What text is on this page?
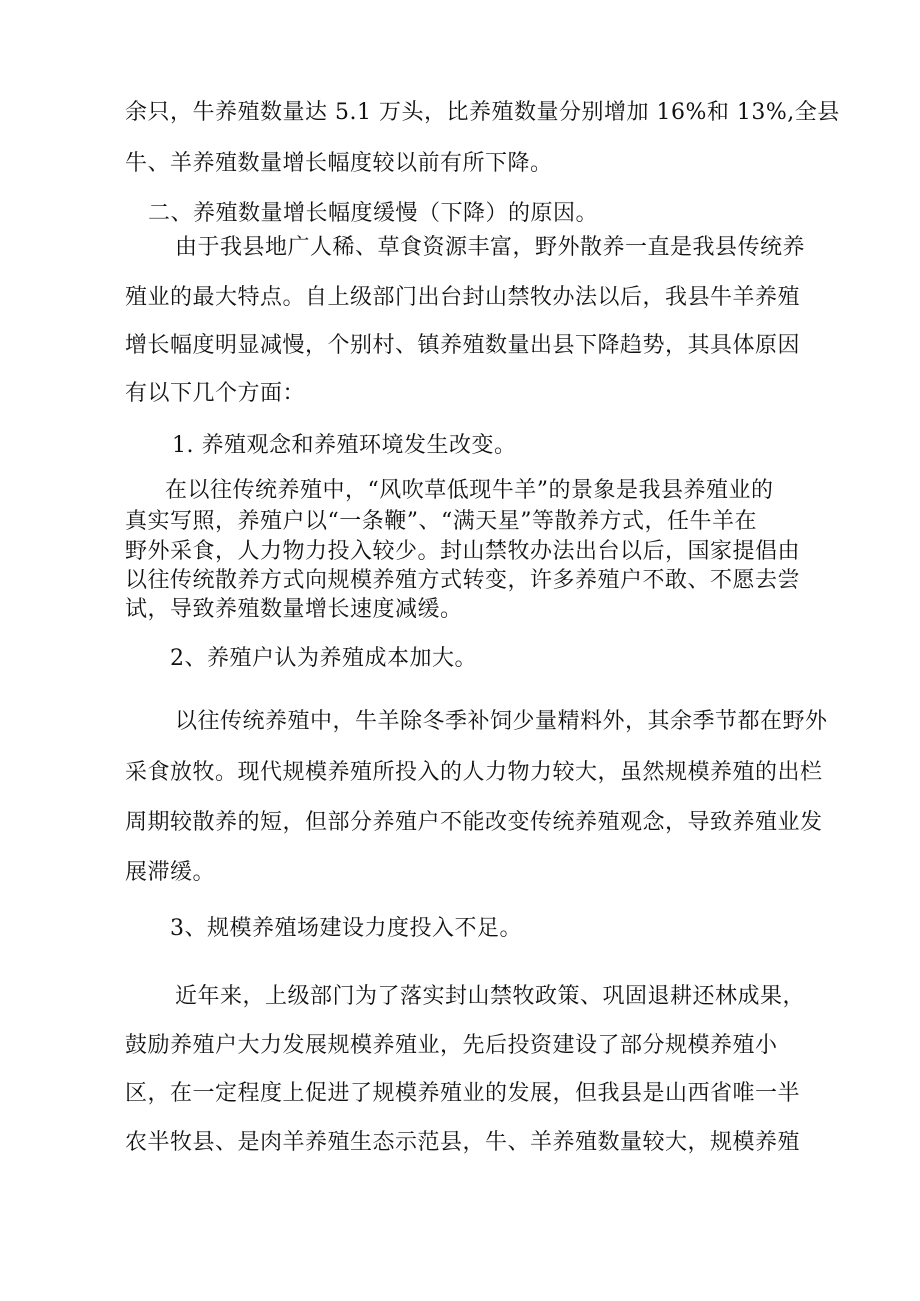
余只，牛养殖数量达 5.1 万头，比养殖数量分别增加 16%和 13%,全县
牛、羊养殖数量增长幅度较以前有所下降。
二、养殖数量增长幅度缓慢（下降）的原因。
由于我县地广人稀、草食资源丰富，野外散养一直是我县传统养
殖业的最大特点。自上级部门出台封山禁牧办法以后，我县牛羊养殖
增长幅度明显减慢，个别村、镇养殖数量出县下降趋势，其具体原因
有以下几个方面：
1. 养殖观念和养殖环境发生改变。
在以往传统养殖中，“风吹草低现牛羊”的景象是我县养殖业的
真实写照，养殖户以“一条鞭”、“满天星”等散养方式，任牛羊在
野外采食，人力物力投入较少。封山禁牧办法出台以后，国家提倡由
以往传统散养方式向规模养殖方式转变，许多养殖户不敢、不愿去尝
试，导致养殖数量增长速度减缓。
2、养殖户认为养殖成本加大。
以往传统养殖中，牛羊除冬季补饲少量精料外，其余季节都在野外
采食放牧。现代规模养殖所投入的人力物力较大，虽然规模养殖的出栏
周期较散养的短，但部分养殖户不能改变传统养殖观念，导致养殖业发
展滞缓。
3、规模养殖场建设力度投入不足。
近年来，上级部门为了落实封山禁牧政策、巩固退耕还林成果，
鼓励养殖户大力发展规模养殖业，先后投资建设了部分规模养殖小
区，在一定程度上促进了规模养殖业的发展，但我县是山西省唯一半
农半牧县、是肉羊养殖生态示范县，牛、羊养殖数量较大，规模养殖
